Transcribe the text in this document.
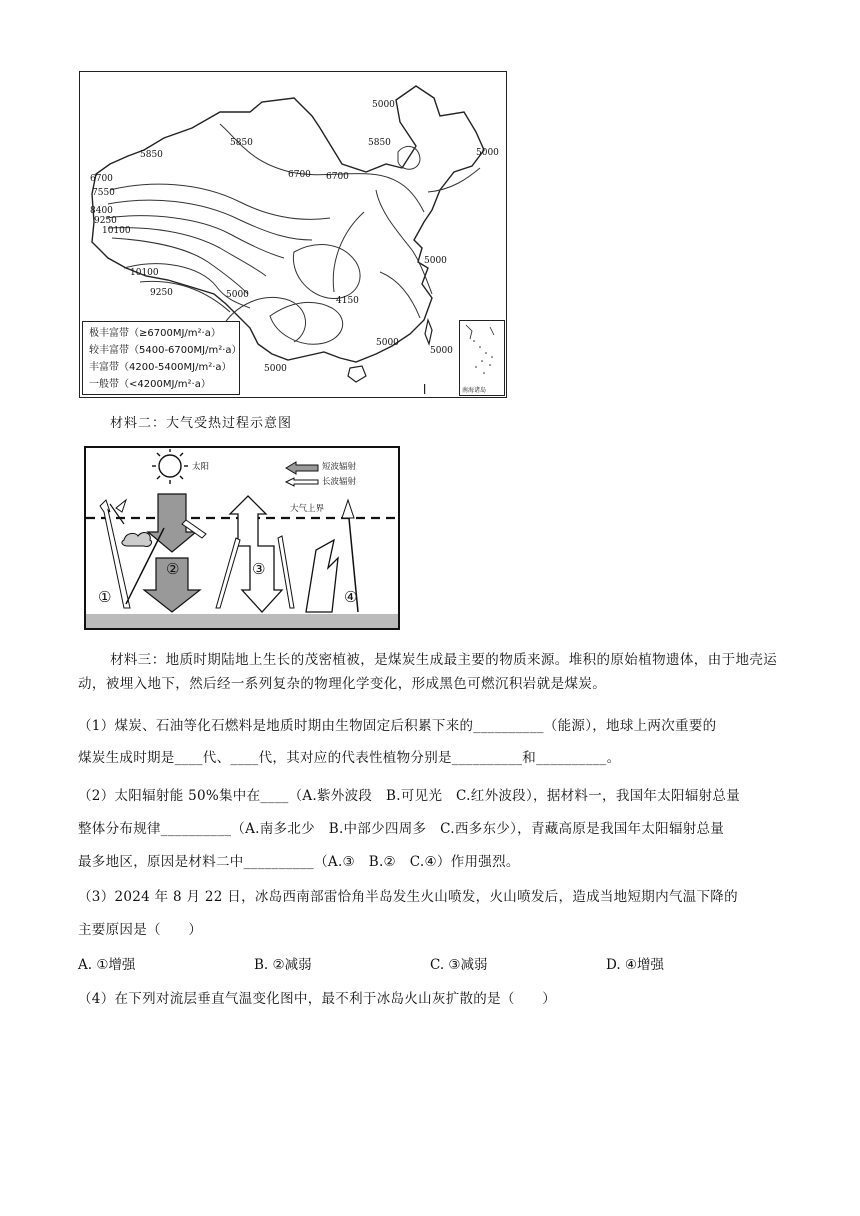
5000
5850
5850	5000
5850
6700 6700
6700
7550
8400
9250
10100
10100
9250	5000
5000
4150
5000
5000
5000
极丰富带（≥6700MJ/m²·a）
较丰富带（5400-6700MJ/m²·a）
丰富带（4200-5400MJ/m²·a）
一般带（<4200MJ/m²·a）
南海诸岛
材料二：大气受热过程示意图
太阳	短波辐射
长波辐射
大气上界
①
②	③
④
材料三：地质时期陆地上生长的茂密植被，是煤炭生成最主要的物质来源。堆积的原始植物遗体，由于地壳运动，被埋入地下，然后经一系列复杂的物理化学变化，形成黑色可燃沉积岩就是煤炭。
（1）煤炭、石油等化石燃料是地质时期由生物固定后积累下来的__________（能源），地球上两次重要的
煤炭生成时期是____代、____代，其对应的代表性植物分别是__________和__________。
（2）太阳辐射能 50%集中在____（A.紫外波段　B.可见光　C.红外波段），据材料一，我国年太阳辐射总量
整体分布规律__________（A.南多北少　B.中部少四周多　C.西多东少），青藏高原是我国年太阳辐射总量
最多地区，原因是材料二中__________（A.③　B.②　C.④）作用强烈。
（3）2024 年 8 月 22 日，冰岛西南部雷恰角半岛发生火山喷发，火山喷发后，造成当地短期内气温下降的
主要原因是（　　）
A. ①增强	B. ②减弱	C. ③减弱	D. ④增强
（4）在下列对流层垂直气温变化图中，最不利于冰岛火山灰扩散的是（　　）
